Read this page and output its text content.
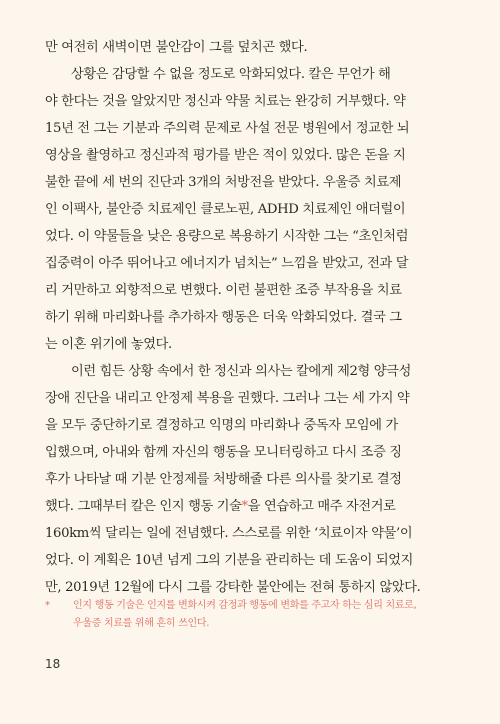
만 여전히 새벽이면 불안감이 그를 덮치곤 했다.
상황은 감당할 수 없을 정도로 악화되었다. 칼은 무언가 해
야 한다는 것을 알았지만 정신과 약물 치료는 완강히 거부했다. 약
15년 전 그는 기분과 주의력 문제로 사설 전문 병원에서 정교한 뇌
영상을 촬영하고 정신과적 평가를 받은 적이 있었다. 많은 돈을 지
불한 끝에 세 번의 진단과 3개의 처방전을 받았다. 우울증 치료제
인 이팩사, 불안증 치료제인 클로노핀, ADHD 치료제인 애더럴이
었다. 이 약물들을 낮은 용량으로 복용하기 시작한 그는 “초인처럼
집중력이 아주 뛰어나고 에너지가 넘치는” 느낌을 받았고, 전과 달
리 거만하고 외향적으로 변했다. 이런 불편한 조증 부작용을 치료
하기 위해 마리화나를 추가하자 행동은 더욱 악화되었다. 결국 그
는 이혼 위기에 놓였다.
이런 힘든 상황 속에서 한 정신과 의사는 칼에게 제2형 양극성
장애 진단을 내리고 안정제 복용을 권했다. 그러나 그는 세 가지 약
을 모두 중단하기로 결정하고 익명의 마리화나 중독자 모임에 가
입했으며, 아내와 함께 자신의 행동을 모니터링하고 다시 조증 징
후가 나타날 때 기분 안정제를 처방해줄 다른 의사를 찾기로 결정
했다. 그때부터 칼은 인지 행동 기술*을 연습하고 매주 자전거로
160km씩 달리는 일에 전념했다. 스스로를 위한 ‘치료이자 약물’이
었다. 이 계획은 10년 넘게 그의 기분을 관리하는 데 도움이 되었지
만, 2019년 12월에 다시 그를 강타한 불안에는 전혀 통하지 않았다.
*	인지 행동 기술은 인지를 변화시켜 감정과 행동에 변화를 주고자 하는 심리 치료로,
우울증 치료를 위해 흔히 쓰인다.
18
